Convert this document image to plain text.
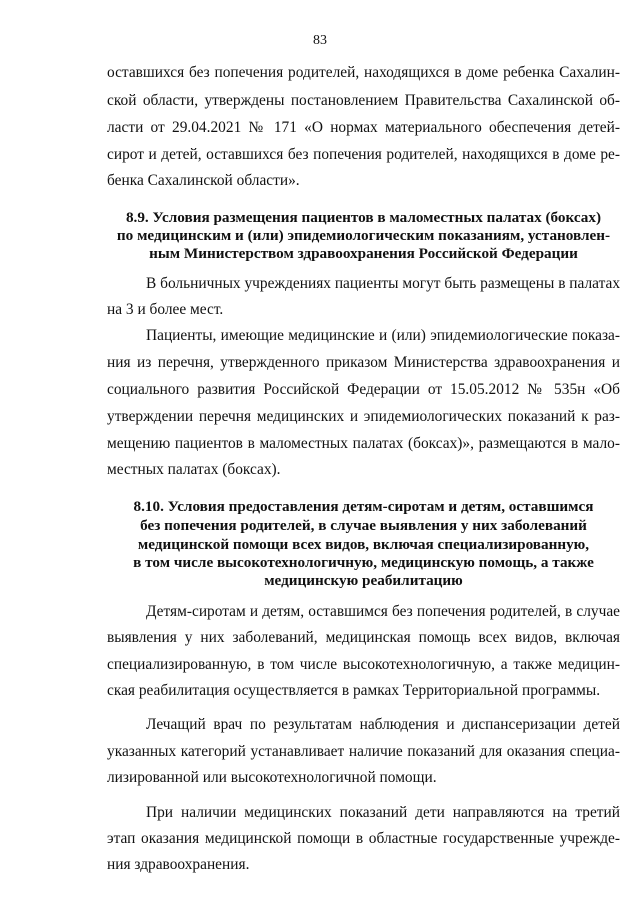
83
оставшихся без попечения родителей, находящихся в доме ребенка Сахалин-
ской области, утверждены постановлением Правительства Сахалинской об-
ласти от 29.04.2021 № 171 «О нормах материального обеспечения детей-
сирот и детей, оставшихся без попечения родителей, находящихся в доме ре-
бенка Сахалинской области».
8.9. Условия размещения пациентов в маломестных палатах (боксах)
по медицинским и (или) эпидемиологическим показаниям, установлен-
ным Министерством здравоохранения Российской Федерации
В больничных учреждениях пациенты могут быть размещены в палатах
на 3 и более мест.
Пациенты, имеющие медицинские и (или) эпидемиологические показа-
ния из перечня, утвержденного приказом Министерства здравоохранения и
социального развития Российской Федерации от 15.05.2012 № 535н «Об
утверждении перечня медицинских и эпидемиологических показаний к раз-
мещению пациентов в маломестных палатах (боксах)», размещаются в мало-
местных палатах (боксах).
8.10. Условия предоставления детям-сиротам и детям, оставшимся
без попечения родителей, в случае выявления у них заболеваний
медицинской помощи всех видов, включая специализированную,
в том числе высокотехнологичную, медицинскую помощь, а также
медицинскую реабилитацию
Детям-сиротам и детям, оставшимся без попечения родителей, в случае
выявления у них заболеваний, медицинская помощь всех видов, включая
специализированную, в том числе высокотехнологичную, а также медицин-
ская реабилитация осуществляется в рамках Территориальной программы.
Лечащий врач по результатам наблюдения и диспансеризации детей
указанных категорий устанавливает наличие показаний для оказания специа-
лизированной или высокотехнологичной помощи.
При наличии медицинских показаний дети направляются на третий
этап оказания медицинской помощи в областные государственные учрежде-
ния здравоохранения.
